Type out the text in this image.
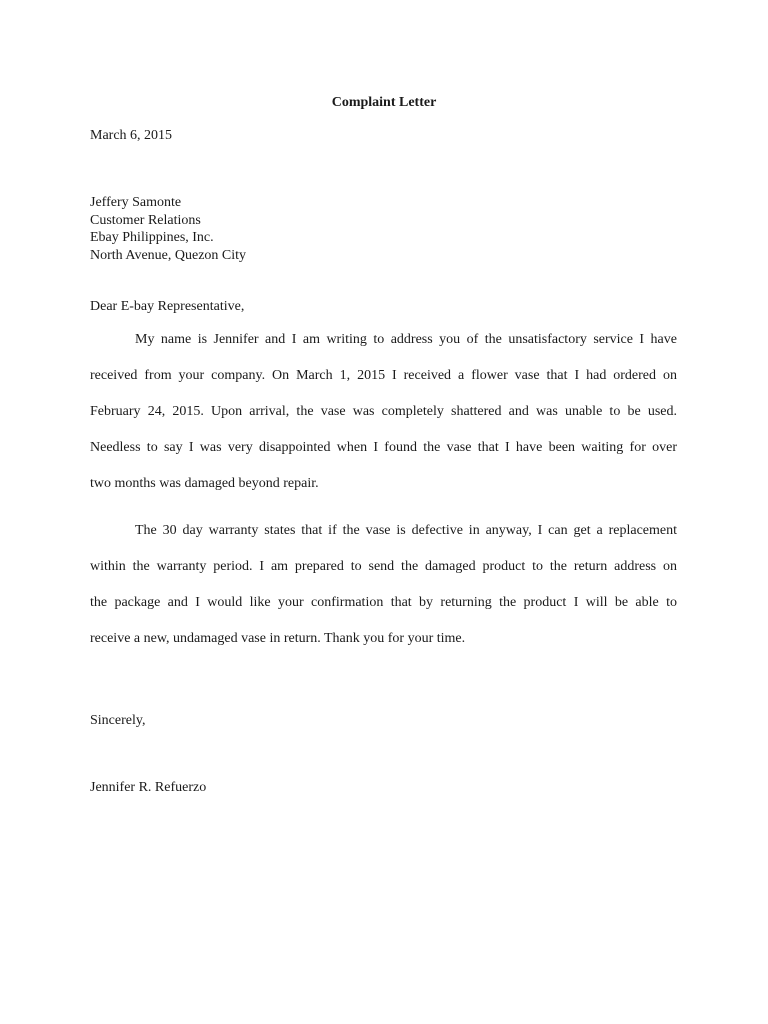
Complaint Letter
March 6, 2015
Jeffery Samonte
Customer Relations
Ebay Philippines, Inc.
North Avenue, Quezon City
Dear E-bay Representative,
My name is Jennifer and I am writing to address you of the unsatisfactory service I have
received from your company. On March 1, 2015 I received a flower vase that I had ordered on
February 24, 2015. Upon arrival, the vase was completely shattered and was unable to be used.
Needless to say I was very disappointed when I found the vase that I have been waiting for over
two months was damaged beyond repair.
The 30 day warranty states that if the vase is defective in anyway, I can get a replacement
within the warranty period. I am prepared to send the damaged product to the return address on
the package and I would like your confirmation that by returning the product I will be able to
receive a new, undamaged vase in return. Thank you for your time.
Sincerely,
Jennifer R. Refuerzo
